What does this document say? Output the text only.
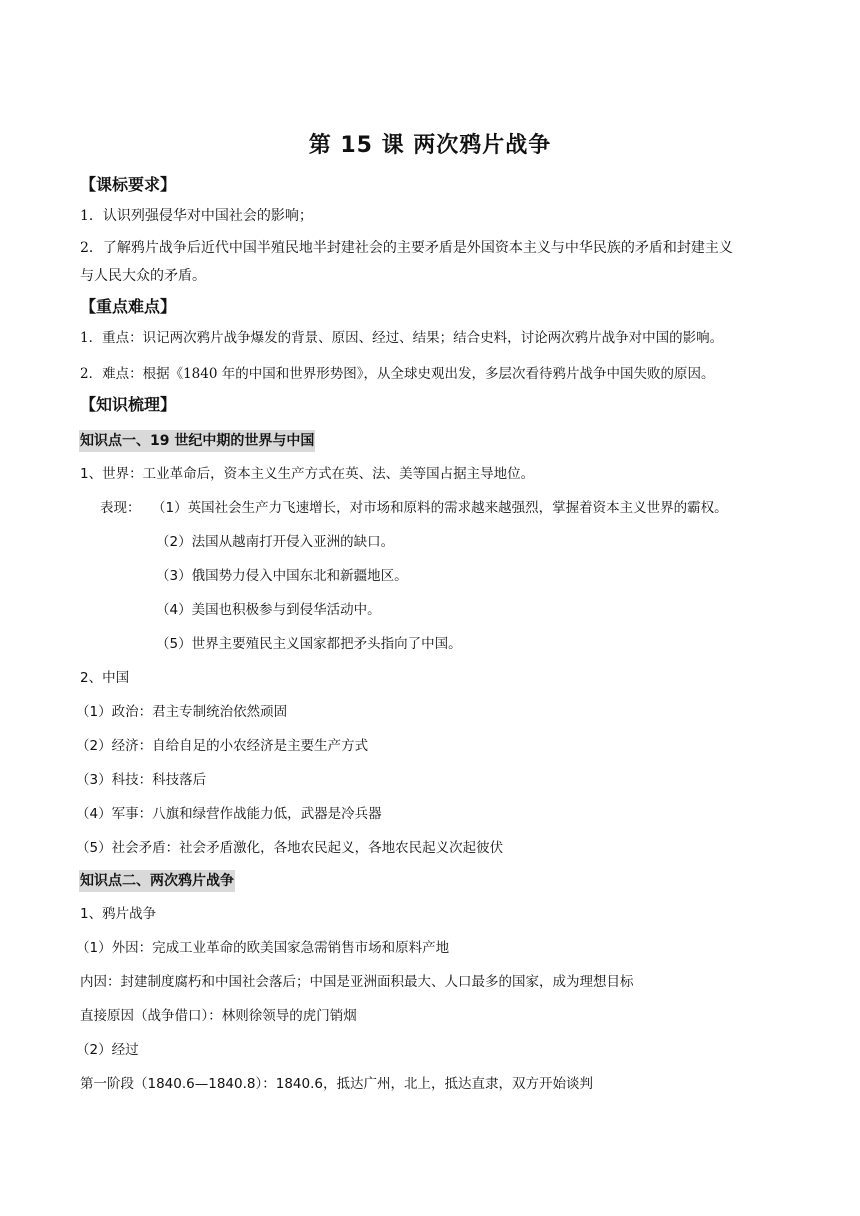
第 15 课 两次鸦片战争
【课标要求】
1．认识列强侵华对中国社会的影响；
2．了解鸦片战争后近代中国半殖民地半封建社会的主要矛盾是外国资本主义与中华民族的矛盾和封建主义
与人民大众的矛盾。
【重点难点】
1．重点：识记两次鸦片战争爆发的背景、原因、经过、结果；结合史料，讨论两次鸦片战争对中国的影响。
2．难点：根据《1840 年的中国和世界形势图》，从全球史观出发，多层次看待鸦片战争中国失败的原因。
【知识梳理】
知识点一、19 世纪中期的世界与中国
1、世界：工业革命后，资本主义生产方式在英、法、美等国占据主导地位。
表现： （1）英国社会生产力飞速增长，对市场和原料的需求越来越强烈，掌握着资本主义世界的霸权。
（2）法国从越南打开侵入亚洲的缺口。
（3）俄国势力侵入中国东北和新疆地区。
（4）美国也积极参与到侵华活动中。
（5）世界主要殖民主义国家都把矛头指向了中国。
2、中国
（1）政治：君主专制统治依然顽固
（2）经济：自给自足的小农经济是主要生产方式
（3）科技：科技落后
（4）军事：八旗和绿营作战能力低，武器是冷兵器
（5）社会矛盾：社会矛盾激化，各地农民起义，各地农民起义次起彼伏
知识点二、两次鸦片战争
1、鸦片战争
（1）外因：完成工业革命的欧美国家急需销售市场和原料产地
内因：封建制度腐朽和中国社会落后；中国是亚洲面积最大、人口最多的国家，成为理想目标
直接原因（战争借口）：林则徐领导的虎门销烟
（2）经过
第一阶段（1840.6—1840.8）：1840.6，抵达广州，北上，抵达直隶，双方开始谈判
